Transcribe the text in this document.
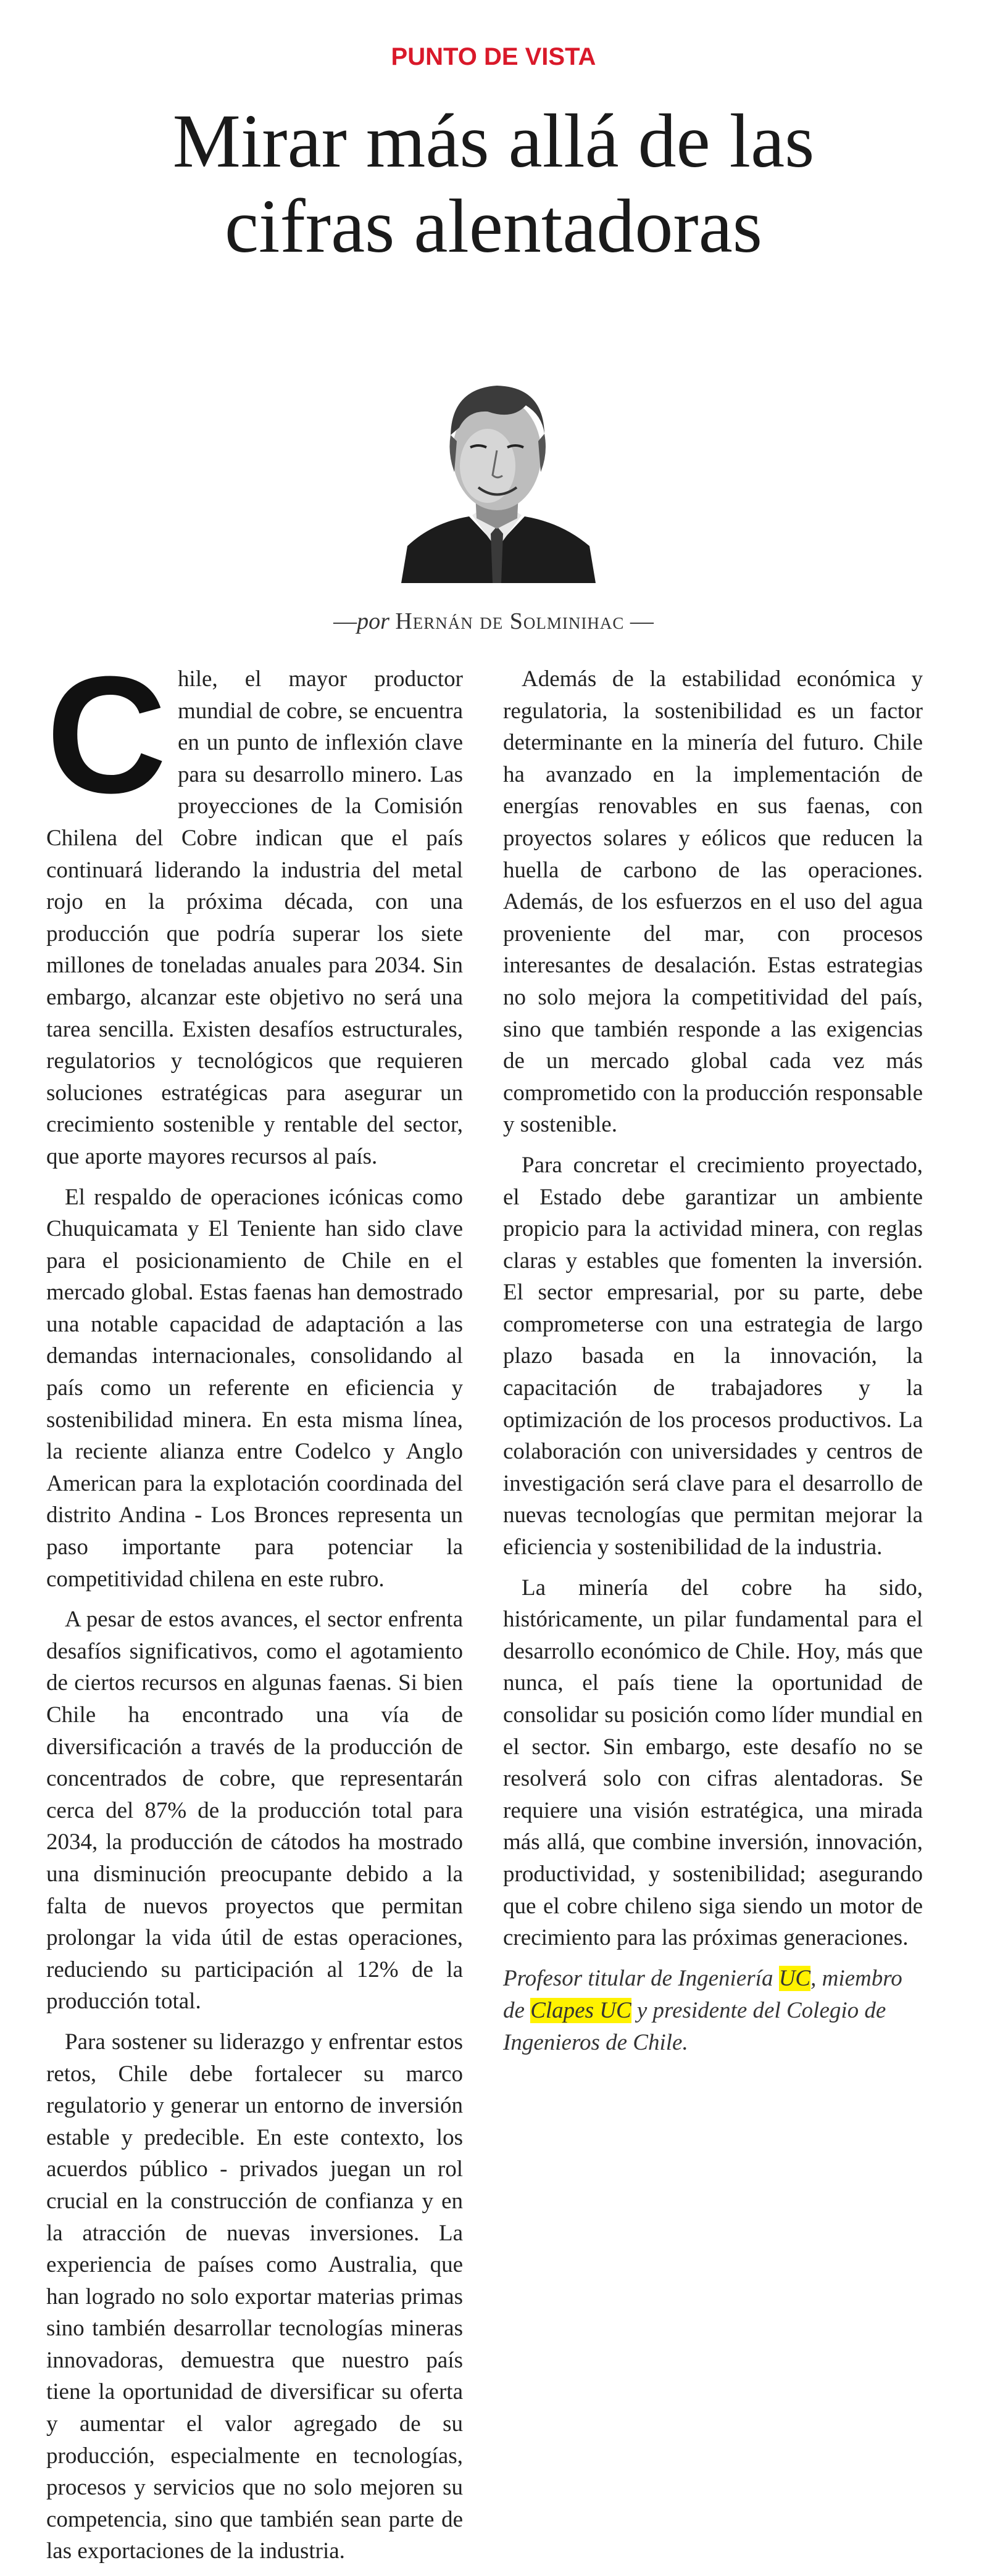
PUNTO DE VISTA
Mirar más allá de las
cifras alentadoras
—por Hernán de Solminihac —

Chile, el mayor productor mundial de cobre, se encuentra en un punto de inflexión clave para su desarrollo minero. Las proyecciones de la Comisión Chilena del Cobre indican que el país continuará liderando la industria del metal rojo en la próxima década, con una producción que podría superar los siete millones de toneladas anuales para 2034. Sin embargo, alcanzar este objetivo no será una tarea sencilla. Existen desafíos estructurales, regulatorios y tecnológicos que requieren soluciones estratégicas para asegurar un crecimiento sostenible y rentable del sector, que aporte mayores recursos al país.

El respaldo de operaciones icónicas como Chuquicamata y El Teniente han sido clave para el posicionamiento de Chile en el mercado global. Estas faenas han demostrado una notable capacidad de adaptación a las demandas internacionales, consolidando al país como un referente en eficiencia y sostenibilidad minera. En esta misma línea, la reciente alianza entre Codelco y Anglo American para la explotación coordinada del distrito Andina - Los Bronces representa un paso importante para potenciar la competitividad chilena en este rubro.

A pesar de estos avances, el sector enfrenta desafíos significativos, como el agotamiento de ciertos recursos en algunas faenas. Si bien Chile ha encontrado una vía de diversificación a través de la producción de concentrados de cobre, que representarán cerca del 87% de la producción total para 2034, la producción de cátodos ha mostrado una disminución preocupante debido a la falta de nuevos proyectos que permitan prolongar la vida útil de estas operaciones, reduciendo su participación al 12% de la producción total.

Para sostener su liderazgo y enfrentar estos retos, Chile debe fortalecer su marco regulatorio y generar un entorno de inversión estable y predecible. En este contexto, los acuerdos público - privados juegan un rol crucial en la construcción de confianza y en la atracción de nuevas inversiones. La experiencia de países como Australia, que han logrado no solo exportar materias primas sino también desarrollar tecnologías mineras innovadoras, demuestra que nuestro país tiene la oportunidad de diversificar su oferta y aumentar el valor agregado de su producción, especialmente en tecnologías, procesos y servicios que no solo mejoren su competencia, sino que también sean parte de las exportaciones de la industria.

Además de la estabilidad económica y regulatoria, la sostenibilidad es un factor determinante en la minería del futuro. Chile ha avanzado en la implementación de energías renovables en sus faenas, con proyectos solares y eólicos que reducen la huella de carbono de las operaciones. Además, de los esfuerzos en el uso del agua proveniente del mar, con procesos interesantes de desalación. Estas estrategias no solo mejora la competitividad del país, sino que también responde a las exigencias de un mercado global cada vez más comprometido con la producción responsable y sostenible.

Para concretar el crecimiento proyectado, el Estado debe garantizar un ambiente propicio para la actividad minera, con reglas claras y estables que fomenten la inversión. El sector empresarial, por su parte, debe comprometerse con una estrategia de largo plazo basada en la innovación, la capacitación de trabajadores y la optimización de los procesos productivos. La colaboración con universidades y centros de investigación será clave para el desarrollo de nuevas tecnologías que permitan mejorar la eficiencia y sostenibilidad de la industria.

La minería del cobre ha sido, históricamente, un pilar fundamental para el desarrollo económico de Chile. Hoy, más que nunca, el país tiene la oportunidad de consolidar su posición como líder mundial en el sector. Sin embargo, este desafío no se resolverá solo con cifras alentadoras. Se requiere una visión estratégica, una mirada más allá, que combine inversión, innovación, productividad, y sostenibilidad; asegurando que el cobre chileno siga siendo un motor de crecimiento para las próximas generaciones.

Profesor titular de Ingeniería UC, miembro de Clapes UC y presidente del Colegio de Ingenieros de Chile.
